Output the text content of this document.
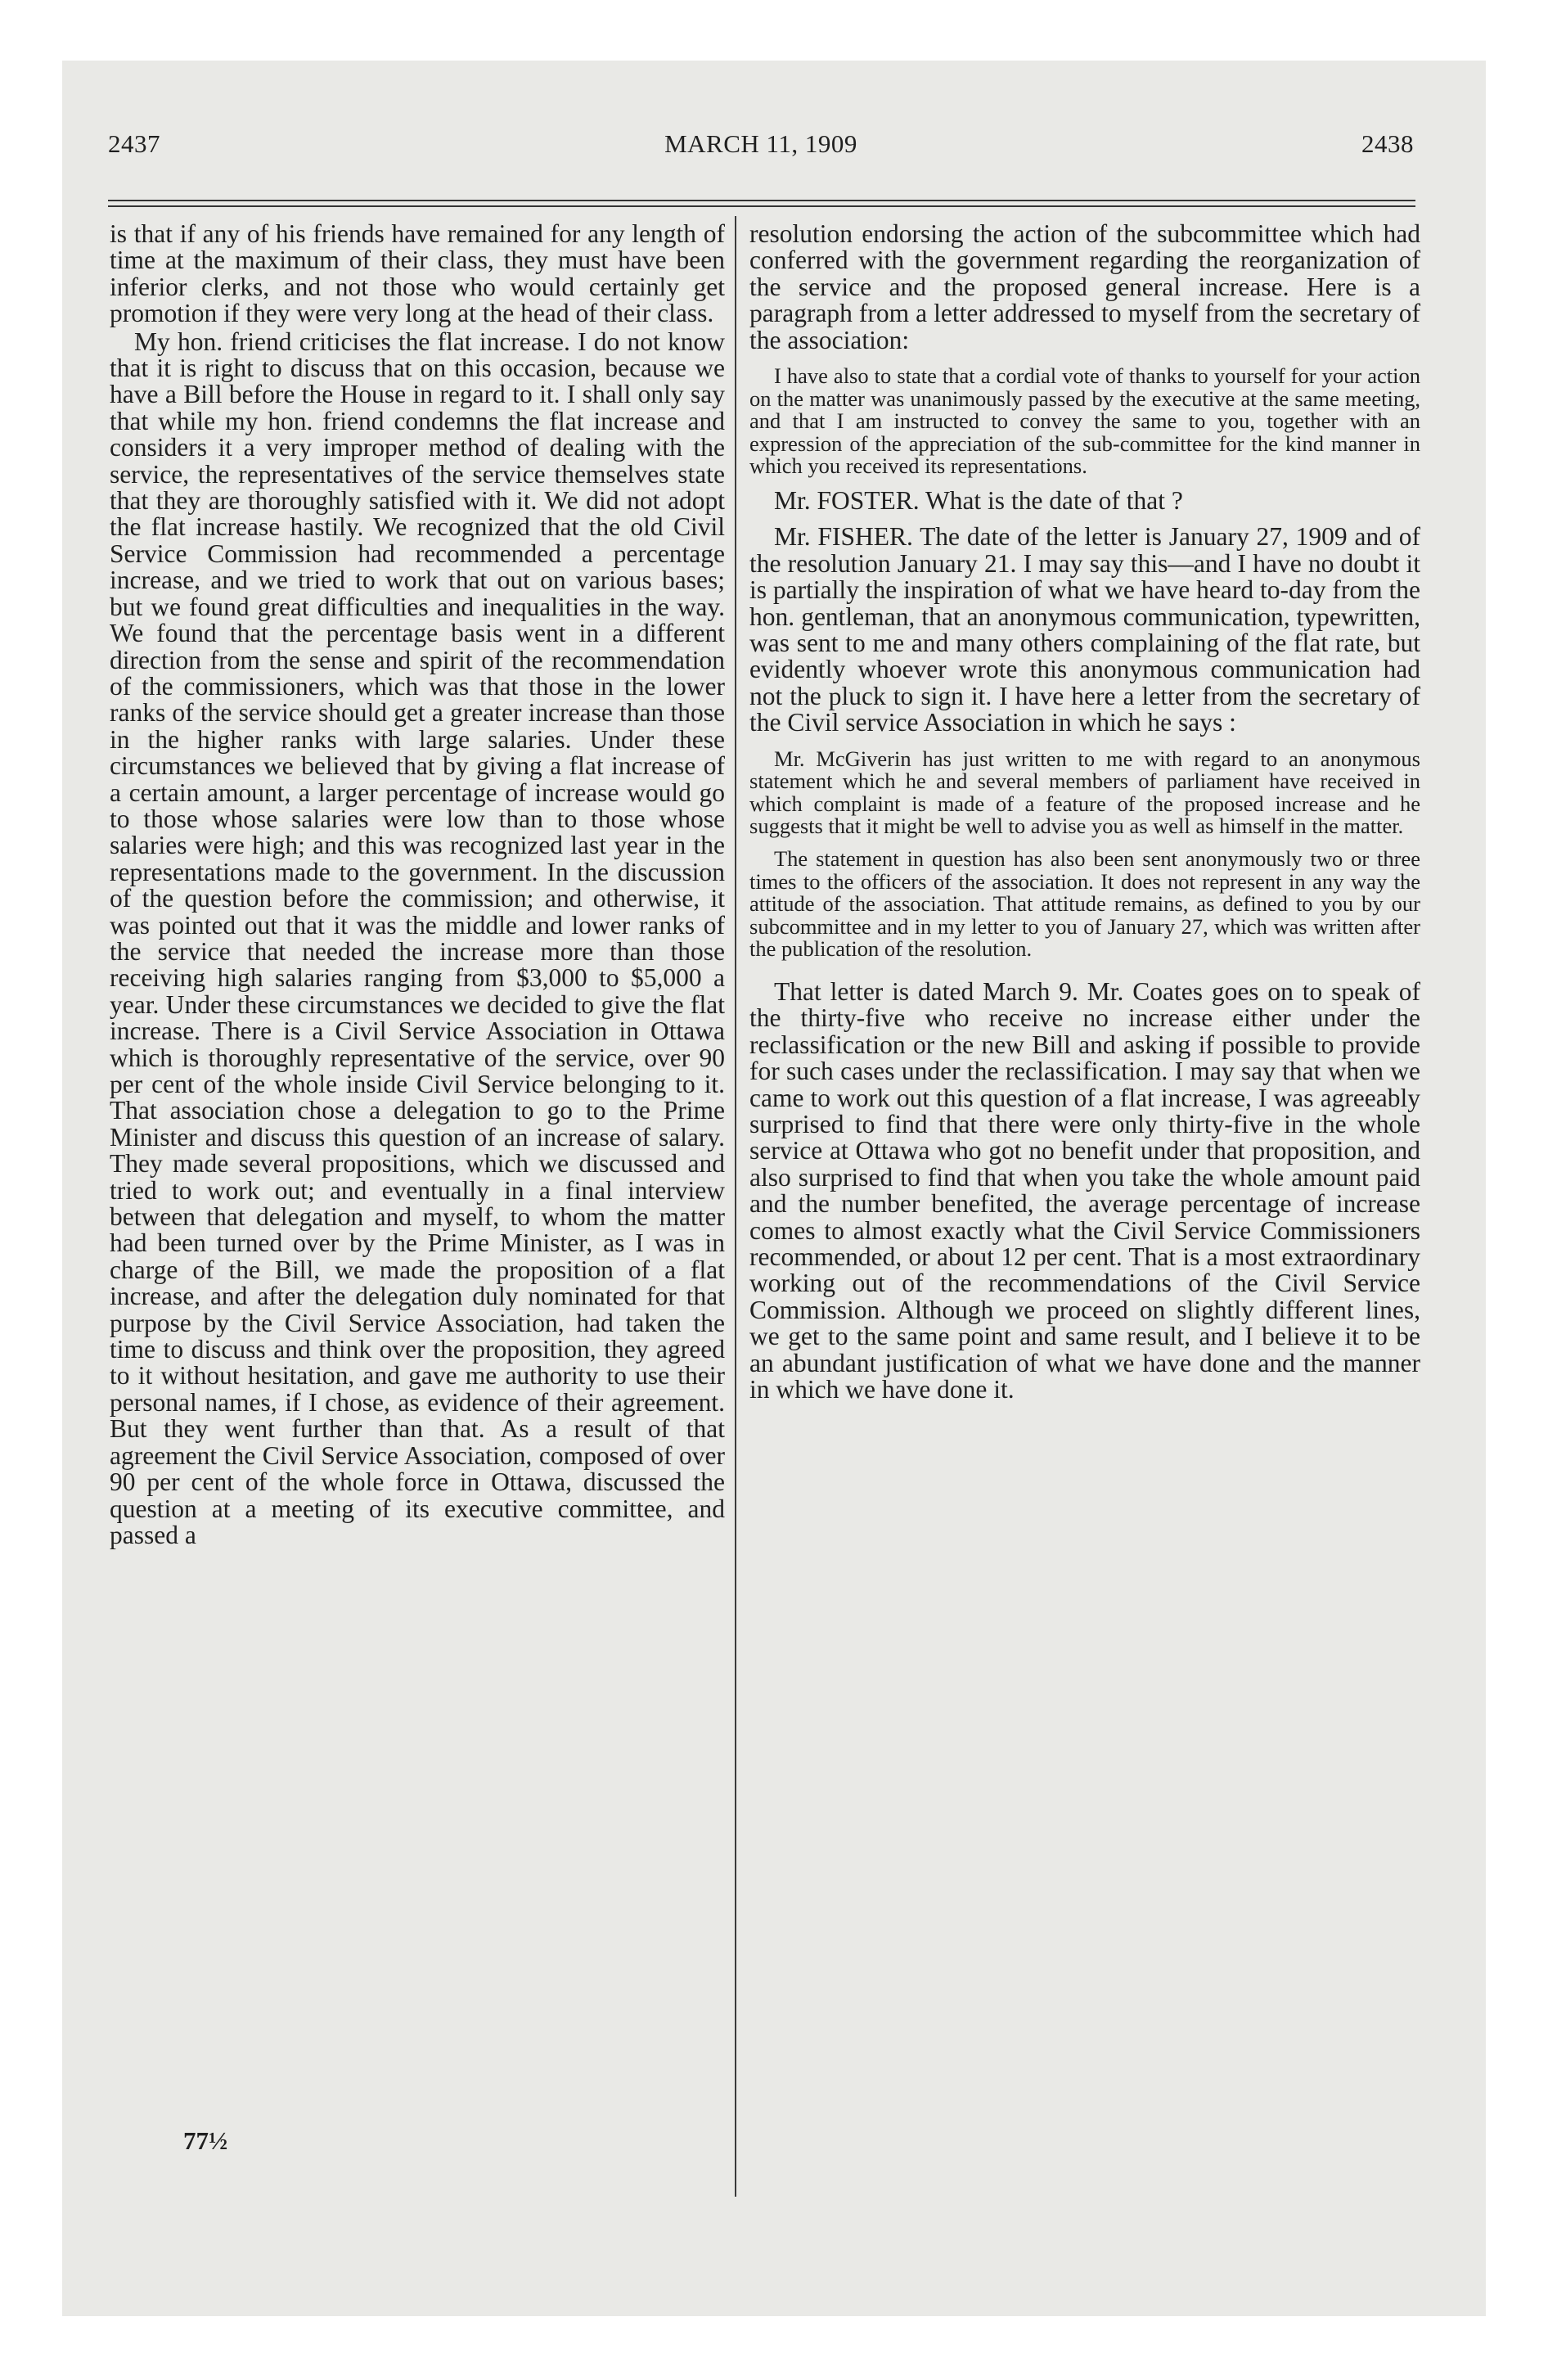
2437	MARCH 11, 1909	2438

is that if any of his friends have remained for any length of time at the maximum of their class, they must have been inferior clerks, and not those who would certainly get promotion if they were very long at the head of their class.

My hon. friend criticises the flat increase. I do not know that it is right to discuss that on this occasion, because we have a Bill before the House in regard to it. I shall only say that while my hon. friend condemns the flat increase and considers it a very improper method of dealing with the service, the representatives of the service themselves state that they are thoroughly satisfied with it. We did not adopt the flat increase hastily. We recognized that the old Civil Service Commission had recommended a percentage increase, and we tried to work that out on various bases; but we found great difficulties and inequalities in the way. We found that the percentage basis went in a different direction from the sense and spirit of the recommendation of the commissioners, which was that those in the lower ranks of the service should get a greater increase than those in the higher ranks with large salaries. Under these circumstances we believed that by giving a flat increase of a certain amount, a larger percentage of increase would go to those whose salaries were low than to those whose salaries were high; and this was recognized last year in the representations made to the government. In the discussion of the question before the commission; and otherwise, it was pointed out that it was the middle and lower ranks of the service that needed the increase more than those receiving high salaries ranging from $3,000 to $5,000 a year. Under these circumstances we decided to give the flat increase. There is a Civil Service Association in Ottawa which is thoroughly representative of the service, over 90 per cent of the whole inside Civil Service belonging to it. That association chose a delegation to go to the Prime Minister and discuss this question of an increase of salary. They made several propositions, which we discussed and tried to work out; and eventually in a final interview between that delegation and myself, to whom the matter had been turned over by the Prime Minister, as I was in charge of the Bill, we made the proposition of a flat increase, and after the delegation duly nominated for that purpose by the Civil Service Association, had taken the time to discuss and think over the proposition, they agreed to it without hesitation, and gave me authority to use their personal names, if I chose, as evidence of their agreement. But they went further than that. As a result of that agreement the Civil Service Association, composed of over 90 per cent of the whole force in Ottawa, discussed the question at a meeting of its executive committee, and passed a

77½

resolution endorsing the action of the subcommittee which had conferred with the government regarding the reorganization of the service and the proposed general increase. Here is a paragraph from a letter addressed to myself from the secretary of the association:

I have also to state that a cordial vote of thanks to yourself for your action on the matter was unanimously passed by the executive at the same meeting, and that I am instructed to convey the same to you, together with an expression of the appreciation of the sub-committee for the kind manner in which you received its representations.

Mr. FOSTER. What is the date of that ?

Mr. FISHER. The date of the letter is January 27, 1909 and of the resolution January 21. I may say this—and I have no doubt it is partially the inspiration of what we have heard to-day from the hon. gentleman, that an anonymous communication, typewritten, was sent to me and many others complaining of the flat rate, but evidently whoever wrote this anonymous communication had not the pluck to sign it. I have here a letter from the secretary of the Civil service Association in which he says :

Mr. McGiverin has just written to me with regard to an anonymous statement which he and several members of parliament have received in which complaint is made of a feature of the proposed increase and he suggests that it might be well to advise you as well as himself in the matter.

The statement in question has also been sent anonymously two or three times to the officers of the association. It does not represent in any way the attitude of the association. That attitude remains, as defined to you by our subcommittee and in my letter to you of January 27, which was written after the publication of the resolution.

That letter is dated March 9. Mr. Coates goes on to speak of the thirty-five who receive no increase either under the reclassification or the new Bill and asking if possible to provide for such cases under the reclassification. I may say that when we came to work out this question of a flat increase, I was agreeably surprised to find that there were only thirty-five in the whole service at Ottawa who got no benefit under that proposition, and also surprised to find that when you take the whole amount paid and the number benefited, the average percentage of increase comes to almost exactly what the Civil Service Commissioners recommended, or about 12 per cent. That is a most extraordinary working out of the recommendations of the Civil Service Commission. Although we proceed on slightly different lines, we get to the same point and same result, and I believe it to be an abundant justification of what we have done and the manner in which we have done it.
